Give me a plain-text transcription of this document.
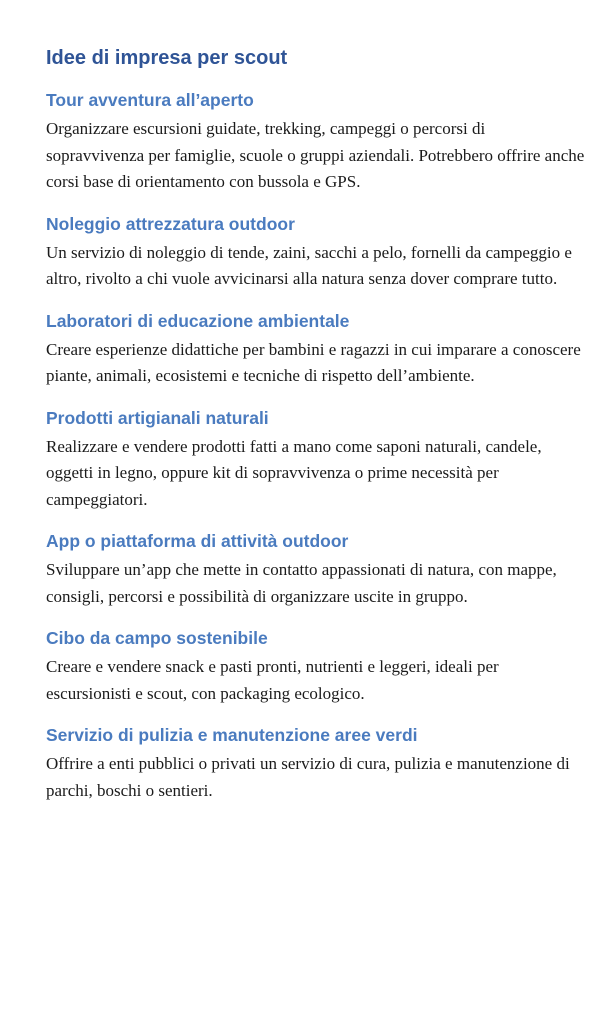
Idee di impresa per scout
Tour avventura all’aperto

Organizzare escursioni guidate, trekking, campeggi o percorsi di sopravvivenza per famiglie, scuole o gruppi aziendali. Potrebbero offrire anche corsi base di orientamento con bussola e GPS.

Noleggio attrezzatura outdoor

Un servizio di noleggio di tende, zaini, sacchi a pelo, fornelli da campeggio e altro, rivolto a chi vuole avvicinarsi alla natura senza dover comprare tutto.

Laboratori di educazione ambientale

Creare esperienze didattiche per bambini e ragazzi in cui imparare a conoscere piante, animali, ecosistemi e tecniche di rispetto dell’ambiente.

Prodotti artigianali naturali

Realizzare e vendere prodotti fatti a mano come saponi naturali, candele, oggetti in legno, oppure kit di sopravvivenza o prime necessità per campeggiatori.

App o piattaforma di attività outdoor

Sviluppare un’app che mette in contatto appassionati di natura, con mappe, consigli, percorsi e possibilità di organizzare uscite in gruppo.

Cibo da campo sostenibile

Creare e vendere snack e pasti pronti, nutrienti e leggeri, ideali per escursionisti e scout, con packaging ecologico.

Servizio di pulizia e manutenzione aree verdi

Offrire a enti pubblici o privati un servizio di cura, pulizia e manutenzione di parchi, boschi o sentieri.
